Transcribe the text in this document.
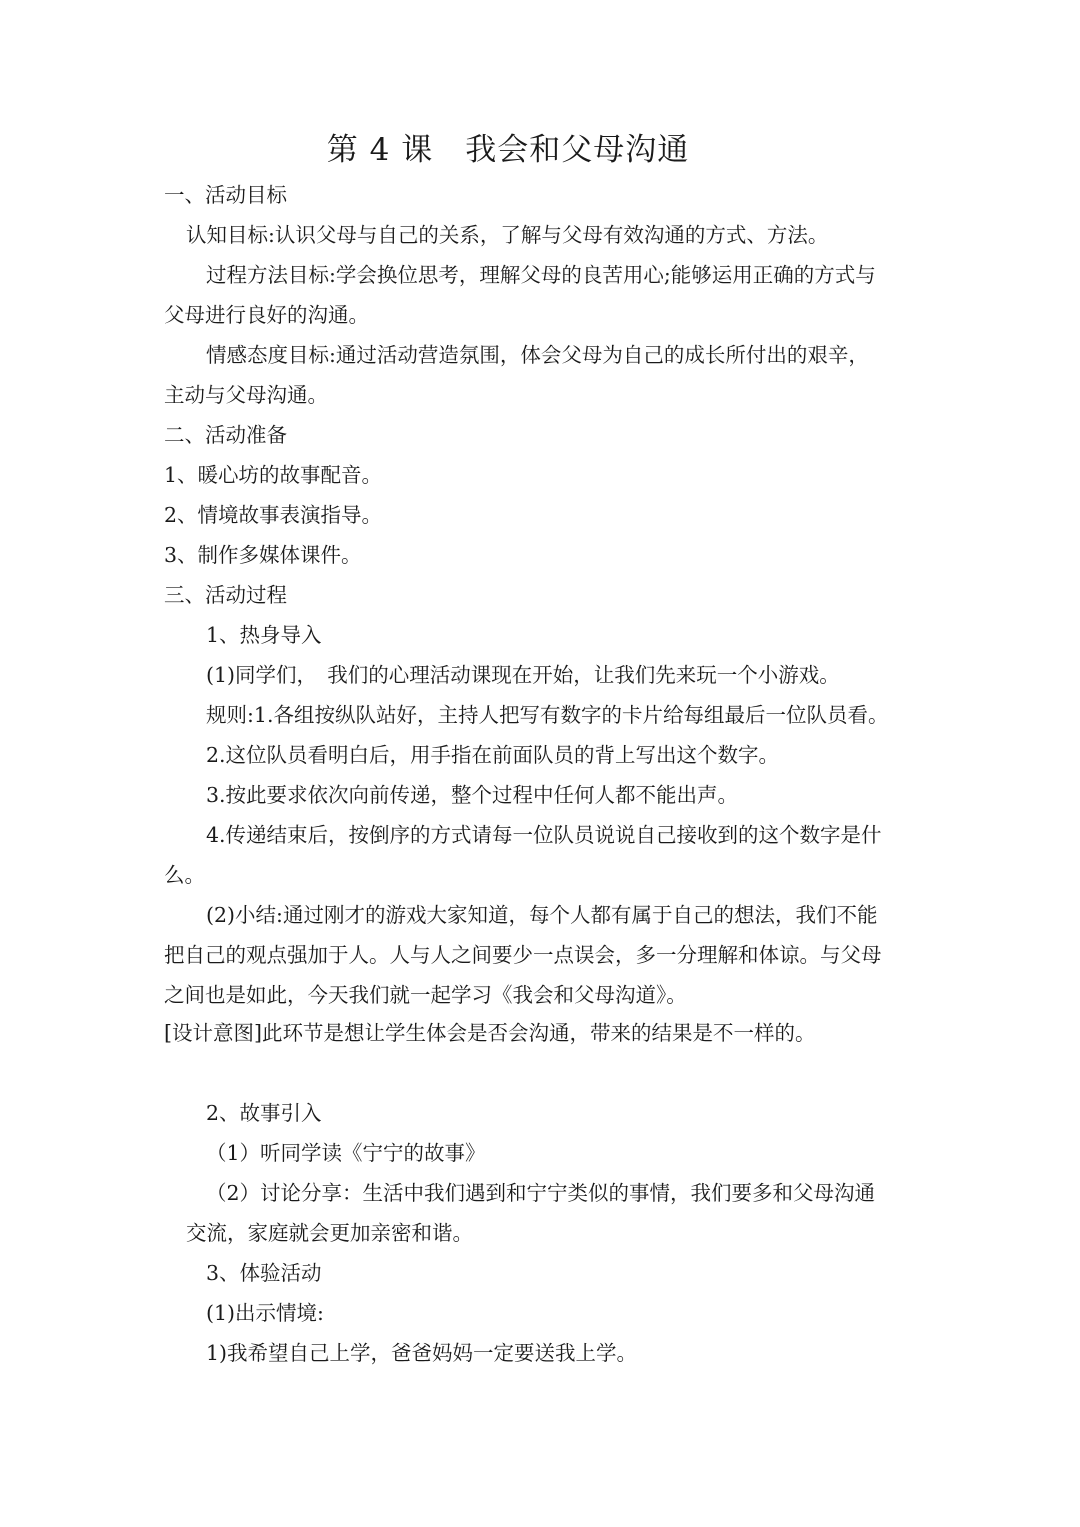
第 4 课　我会和父母沟通
一、活动目标
认知目标:认识父母与自己的关系，了解与父母有效沟通的方式、方法。
过程方法目标:学会换位思考，理解父母的良苦用心;能够运用正确的方式与
父母进行良好的沟通。
情感态度目标:通过活动营造氛围，体会父母为自己的成长所付出的艰辛，
主动与父母沟通。
二、活动准备
1、暖心坊的故事配音。
2、情境故事表演指导。
3、制作多媒体课件。
三、活动过程
1、热身导入
(1)同学们，　我们的心理活动课现在开始，让我们先来玩一个小游戏。
规则:1.各组按纵队站好，主持人把写有数字的卡片给每组最后一位队员看。
2.这位队员看明白后，用手指在前面队员的背上写出这个数字。
3.按此要求依次向前传递，整个过程中任何人都不能出声。
4.传递结束后，按倒序的方式请每一位队员说说自己接收到的这个数字是什
么。
(2)小结:通过刚才的游戏大家知道，每个人都有属于自己的想法，我们不能
把自己的观点强加于人。人与人之间要少一点误会，多一分理解和体谅。与父母
之间也是如此，今天我们就一起学习《我会和父母沟道》。
[设计意图]此环节是想让学生体会是否会沟通，带来的结果是不一样的。
2、故事引入
（1）听同学读《宁宁的故事》
（2）讨论分享：生活中我们遇到和宁宁类似的事情，我们要多和父母沟通
交流，家庭就会更加亲密和谐。
3、体验活动
(1)出示情境:
1)我希望自己上学，爸爸妈妈一定要送我上学。
